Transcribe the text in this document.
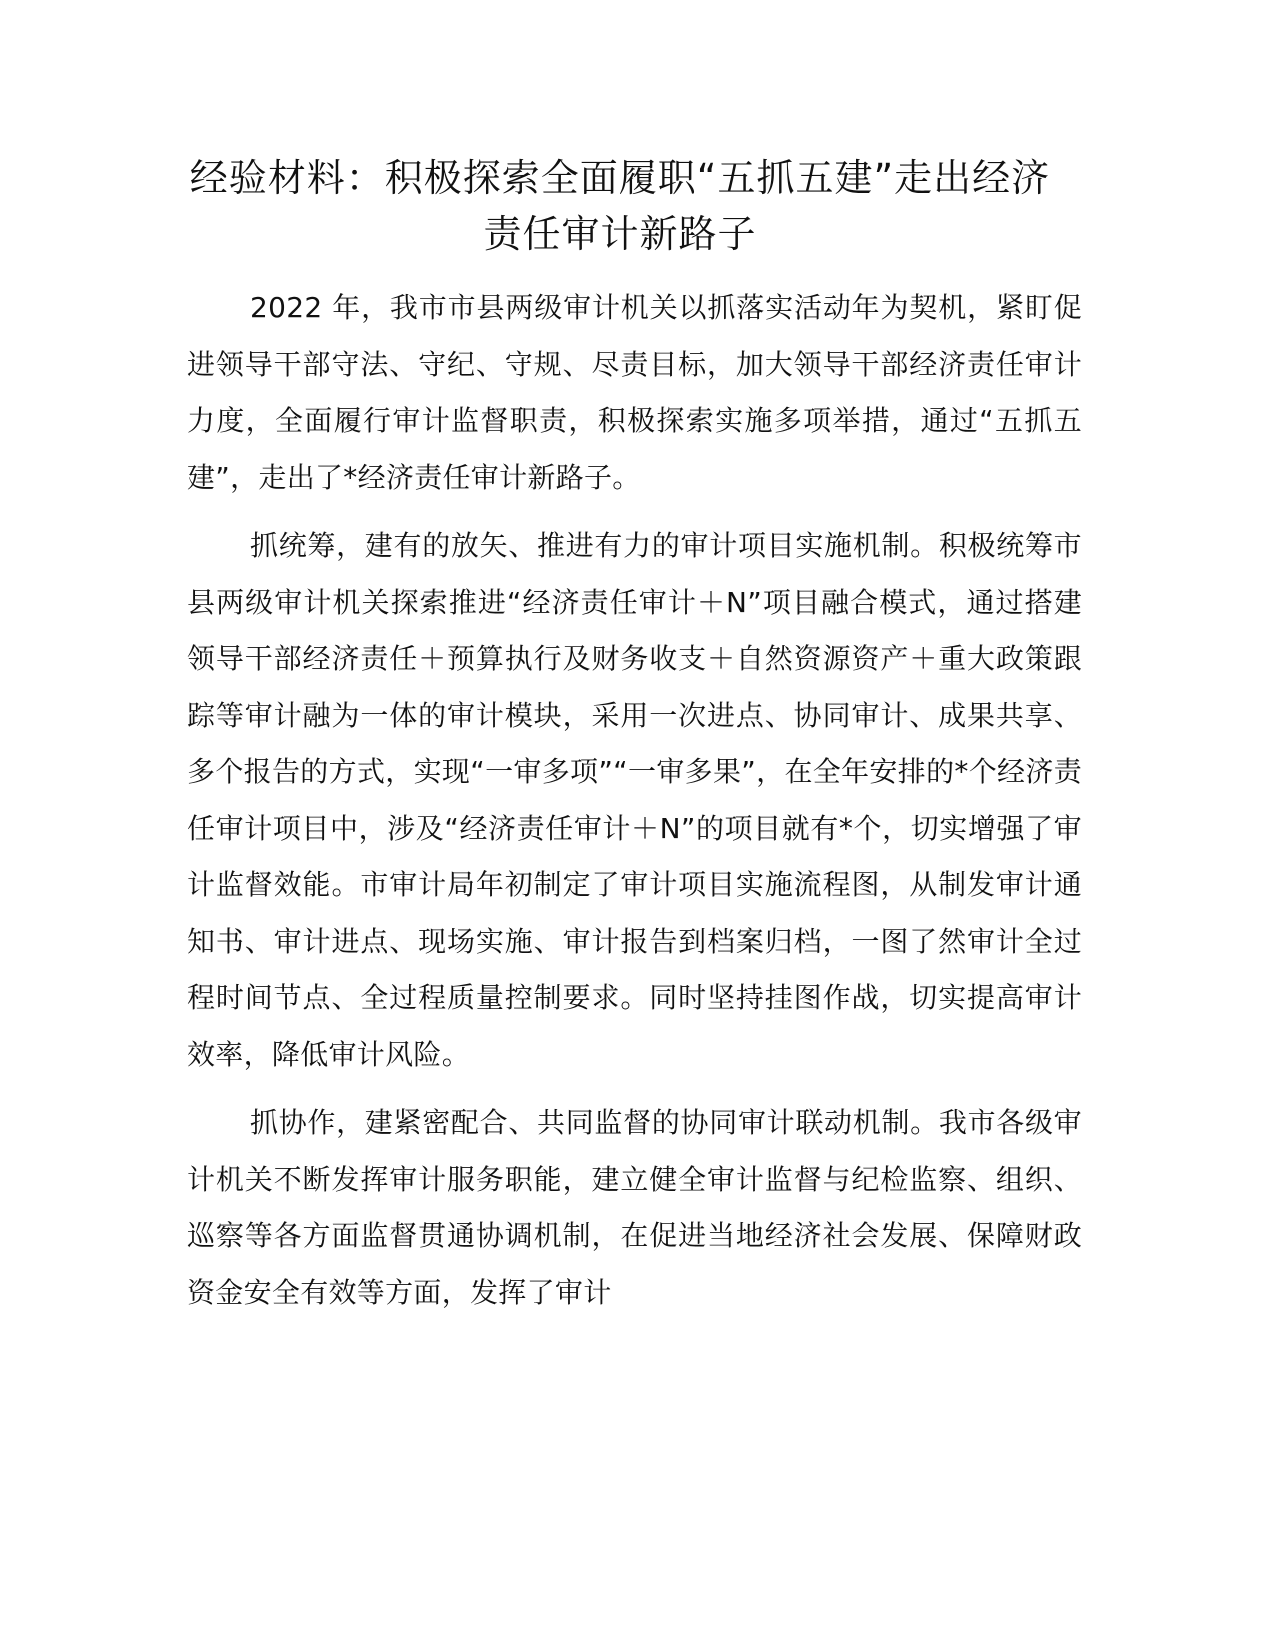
经验材料：积极探索全面履职“五抓五建”走出经济责任审计新路子

2022 年，我市市县两级审计机关以抓落实活动年为契机，紧盯促进领导干部守法、守纪、守规、尽责目标，加大领导干部经济责任审计力度，全面履行审计监督职责，积极探索实施多项举措，通过“五抓五建”，走出了*经济责任审计新路子。

抓统筹，建有的放矢、推进有力的审计项目实施机制。积极统筹市县两级审计机关探索推进“经济责任审计＋N”项目融合模式，通过搭建领导干部经济责任＋预算执行及财务收支＋自然资源资产＋重大政策跟踪等审计融为一体的审计模块，采用一次进点、协同审计、成果共享、多个报告的方式，实现“一审多项”“一审多果”，在全年安排的*个经济责任审计项目中，涉及“经济责任审计＋N”的项目就有*个，切实增强了审计监督效能。市审计局年初制定了审计项目实施流程图，从制发审计通知书、审计进点、现场实施、审计报告到档案归档，一图了然审计全过程时间节点、全过程质量控制要求。同时坚持挂图作战，切实提高审计效率，降低审计风险。

抓协作，建紧密配合、共同监督的协同审计联动机制。我市各级审计机关不断发挥审计服务职能，建立健全审计监督与纪检监察、组织、巡察等各方面监督贯通协调机制，在促进当地经济社会发展、保障财政资金安全有效等方面，发挥了审计
